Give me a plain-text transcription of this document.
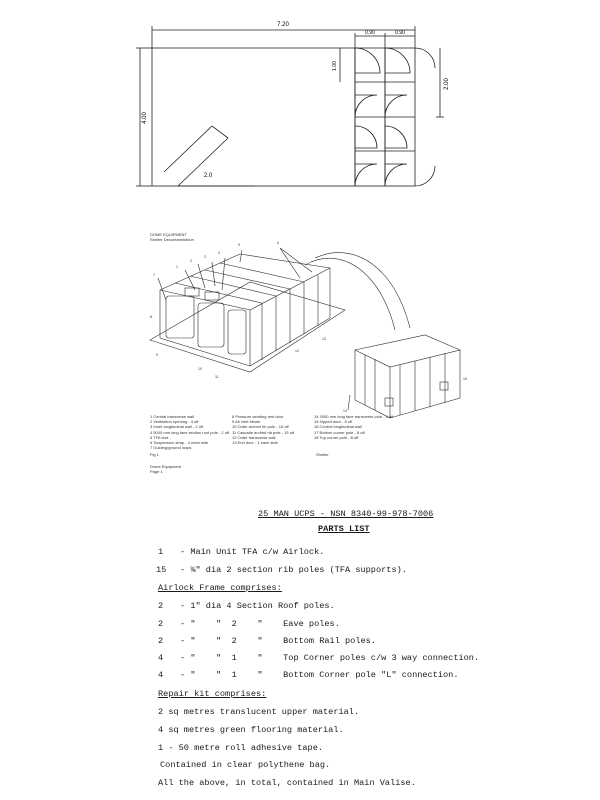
7.20
0.90	0.90
4.00
1.00
2.00
2.0
1
2
3
4
5	6
7
8
9
10
11
12
13
14
15
DOME EQUIPMENT
Shelter Decontamination
1 Central transverse wall
2 Ventilation opening - 4 off
3 Inner longitudinal wall - 2 off
4 5000 mm long face section roof pole - 2 off
5 TFA tent
6 Suspension strap - 4 each side
7 Guiding/ground loops
8 Pressure sending tent door
9 Air inlet blinds
10 Outer arched rib pole - 15 off
11 Cascade arched rib pole - 15 off
12 Outer transverse wall
13 End door - 1 each side
14 3000 mm long face transverse pole - 4 off
15 Zipped door - 8 off
16 Central longitudinal wall
17 Bottom corner pole - 8 off
18 Top corner pole - 8 off
Fig 1	Shelter
Dome Equipment
Page 1
25 MAN UCPS - NSN 8340-99-978-7006
PARTS LIST
1 - Main Unit TFA c/w Airlock.
15 - ⅜" dia 2 section rib poles (TFA supports).
Airlock Frame comprises:
2 - 1" dia 4 Section Roof poles.
2 - "    "  2    "    Eave poles.
2 - "    "  2    "    Bottom Rail poles.
4 - "    "  1    "    Top Corner poles c/w 3 way connection.
4 - "    "  1    "    Bottom Corner pole "L" connection.
Repair kit comprises:
2 sq metres translucent upper material.
4 sq metres green flooring material.
1 - 50 metre roll adhesive tape.
Contained in clear polythene bag.
All the above, in total, contained in Main Valise.
